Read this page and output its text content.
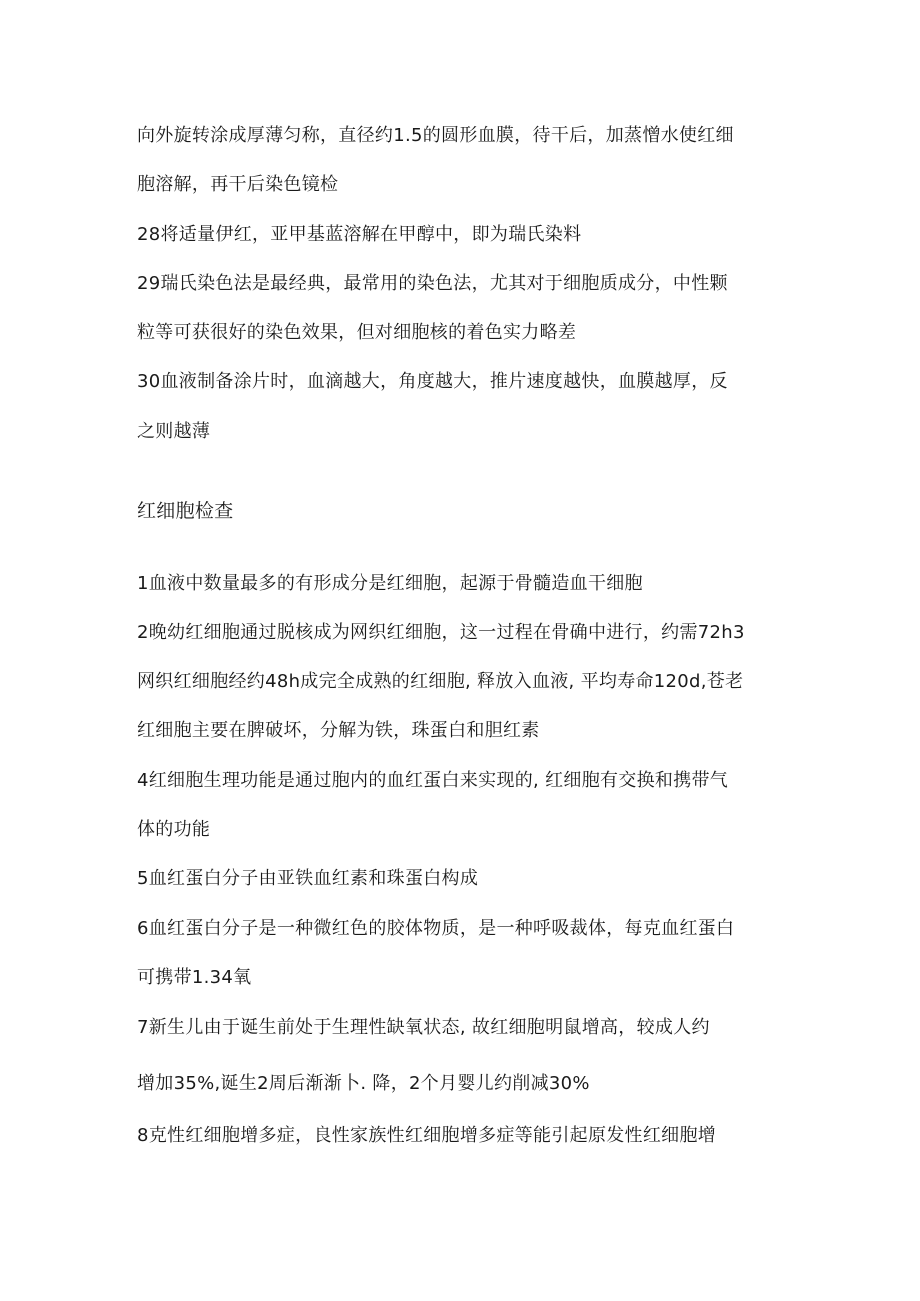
向外旋转涂成厚薄匀称，直径约1.5的圆形血膜，待干后，加蒸憎水使红细
胞溶解，再干后染色镜检
28将适量伊红，亚甲基蓝溶解在甲醇中，即为瑞氏染料
29瑞氏染色法是最经典，最常用的染色法，尤其对于细胞质成分，中性颗
粒等可获很好的染色效果，但对细胞核的着色实力略差
30血液制备涂片时，血滴越大，角度越大，推片速度越快，血膜越厚，反
之则越薄
红细胞检查
1血液中数量最多的有形成分是红细胞，起源于骨髓造血干细胞
2晚幼红细胞通过脱核成为网织红细胞，这一过程在骨确中进行，约需72h3
网织红细胞经约48h成完全成熟的红细胞, 释放入血液, 平均寿命120d,苍老
红细胞主要在脾破坏，分解为铁，珠蛋白和胆红素
4红细胞生理功能是通过胞内的血红蛋白来实现的, 红细胞有交换和携带气
体的功能
5血红蛋白分子由亚铁血红素和珠蛋白构成
6血红蛋白分子是一种微红色的胶体物质，是一种呼吸裁体，每克血红蛋白
可携带1.34氧
7新生儿由于诞生前处于生理性缺氧状态, 故红细胞明鼠增高，较成人约
增加35%,诞生2周后渐渐卜. 降，2个月婴儿约削减30%
8克性红细胞增多症，良性家族性红细胞增多症等能引起原发性红细胞增
